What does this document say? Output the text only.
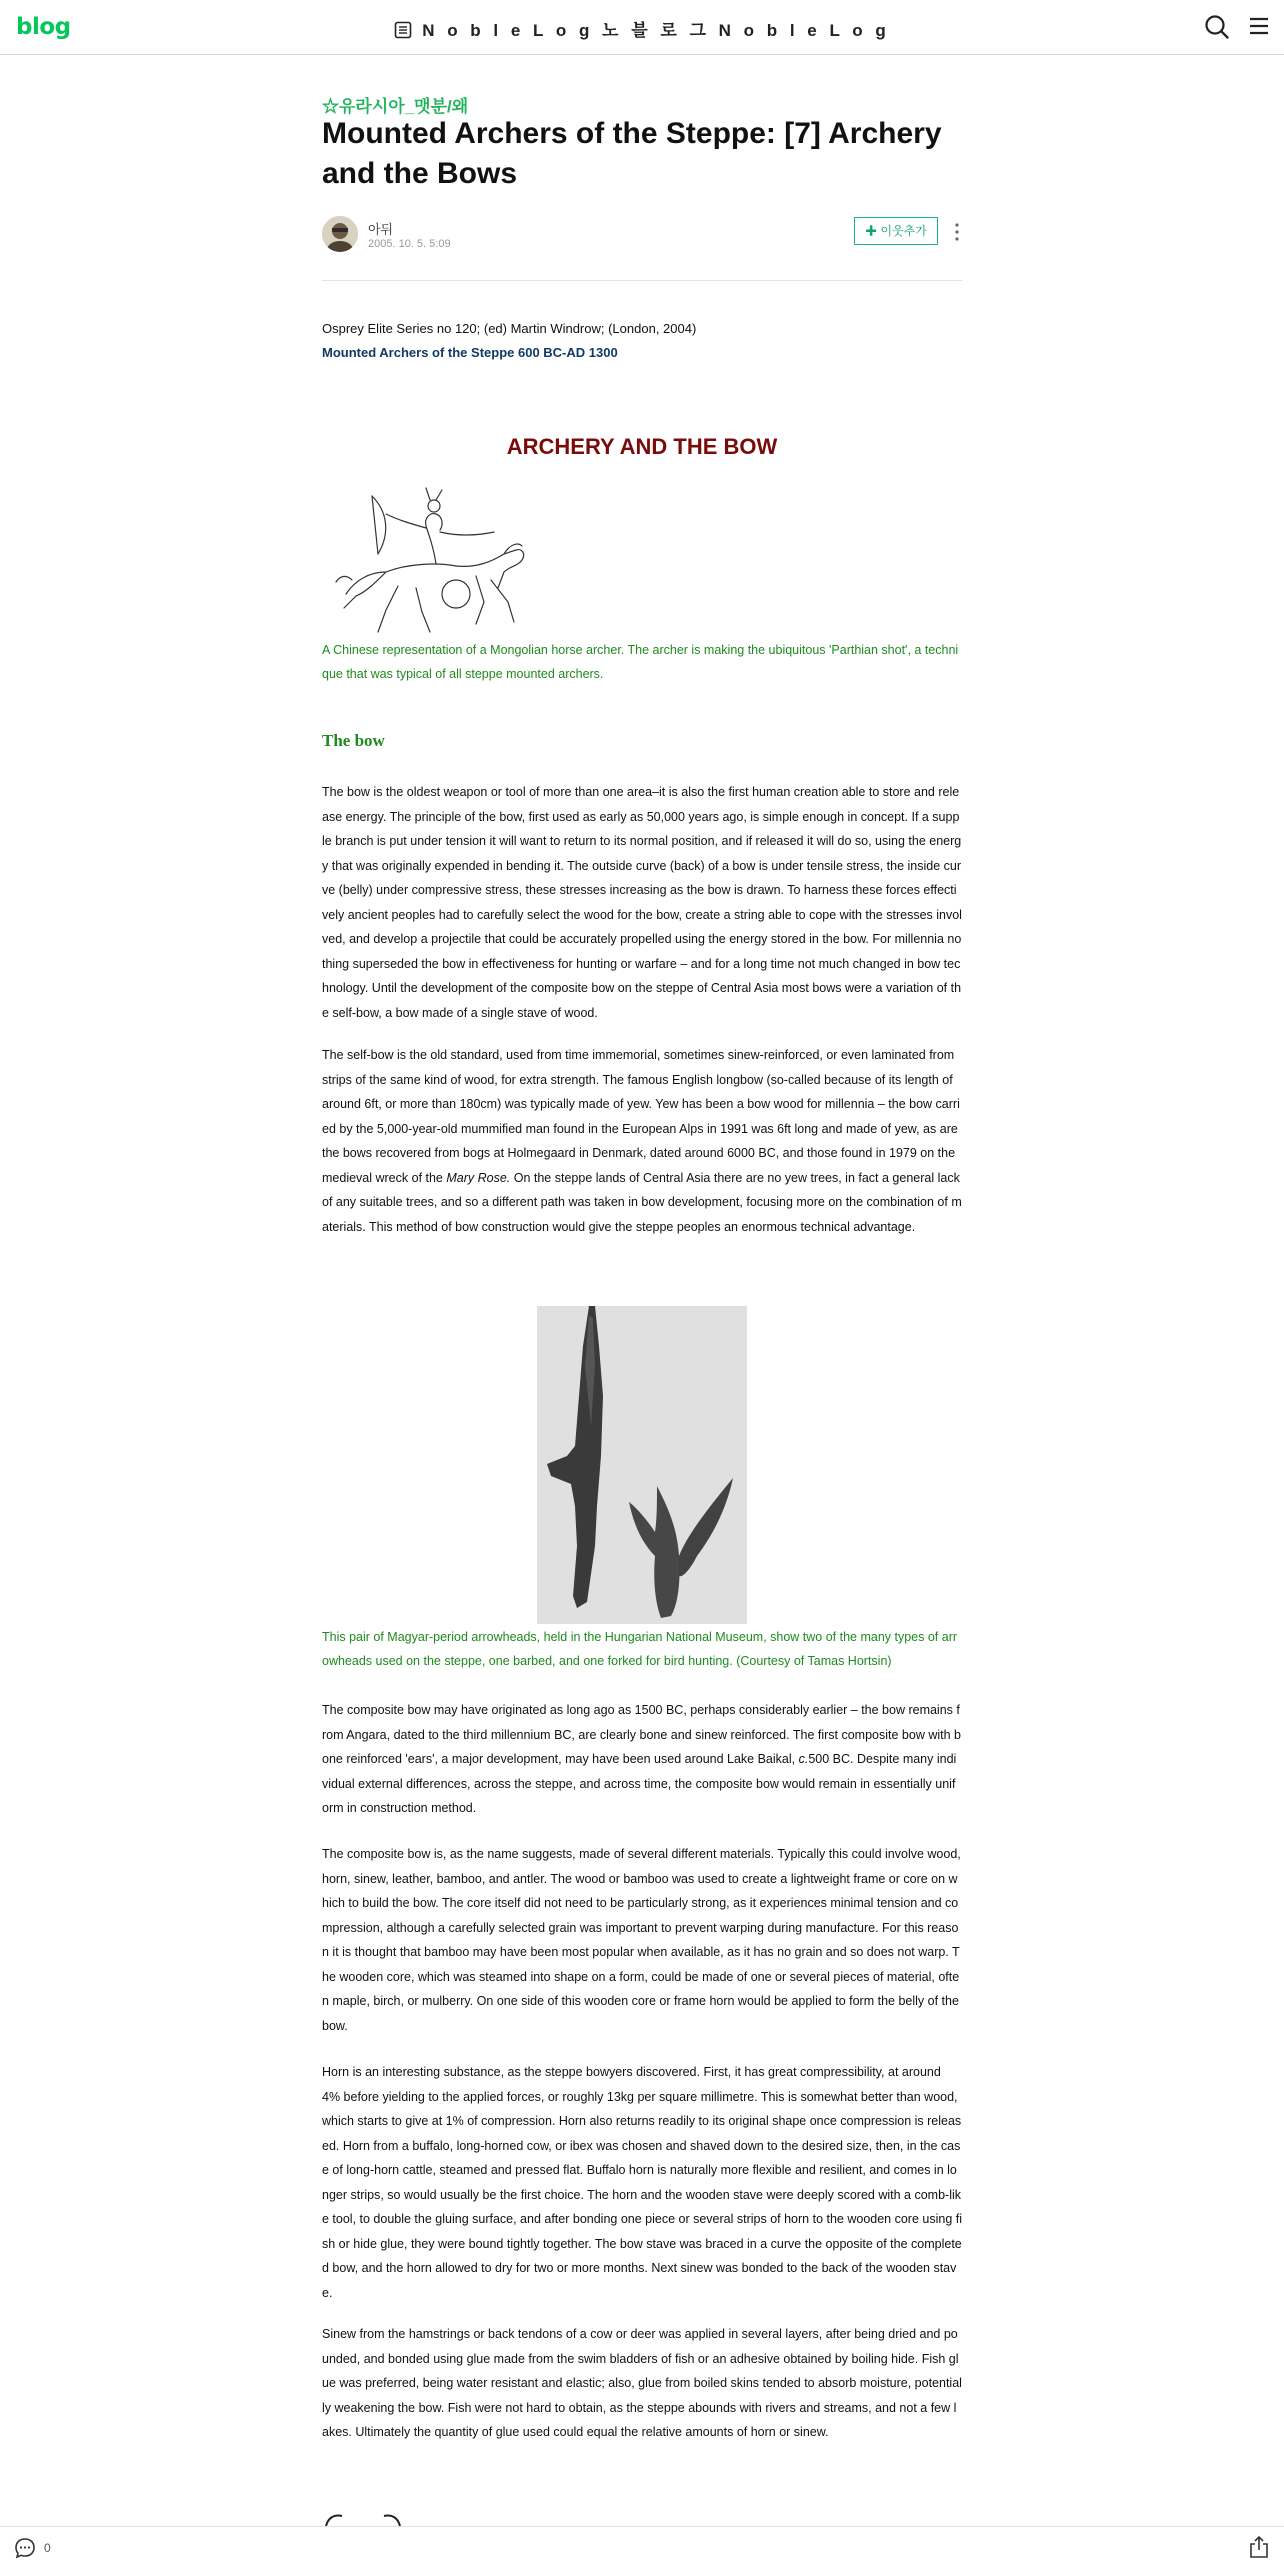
blog	N o b l e L o g 노 블 로 그 N o b l e L o g
☆유라시아_맷분/왜
Mounted Archers of the Steppe: [7] Archery and the Bows
아뒤
2005. 10. 5. 5:09
✚ 이웃추가
Osprey Elite Series no 120; (ed) Martin Windrow; (London, 2004)
Mounted Archers of the Steppe 600 BC-AD 1300
ARCHERY AND THE BOW
A Chinese representation of a Mongolian horse archer. The archer is making the ubiquitous 'Parthian shot', a technique that was typical of all steppe mounted archers.
The bow

The bow is the oldest weapon or tool of more than one area–it is also the first human creation able to store and release energy. The principle of the bow, first used as early as 50,000 years ago, is simple enough in concept. If a supple branch is put under tension it will want to return to its normal position, and if released it will do so, using the energy that was originally expended in bending it. The outside curve (back) of a bow is under tensile stress, the inside curve (belly) under compressive stress, these stresses increasing as the bow is drawn. To harness these forces effectively ancient peoples had to carefully select the wood for the bow, create a string able to cope with the stresses involved, and develop a projectile that could be accurately propelled using the energy stored in the bow. For millennia nothing superseded the bow in effectiveness for hunting or warfare – and for a long time not much changed in bow technology. Until the development of the composite bow on the steppe of Central Asia most bows were a variation of the self-bow, a bow made of a single stave of wood.

The self-bow is the old standard, used from time immemorial, sometimes sinew-reinforced, or even laminated from strips of the same kind of wood, for extra strength. The famous English longbow (so-called because of its length of around 6ft, or more than 180cm) was typically made of yew. Yew has been a bow wood for millennia – the bow carried by the 5,000-year-old mummified man found in the European Alps in 1991 was 6ft long and made of yew, as are the bows recovered from bogs at Holmegaard in Denmark, dated around 6000 BC, and those found in 1979 on the medieval wreck of the Mary Rose. On the steppe lands of Central Asia there are no yew trees, in fact a general lack of any suitable trees, and so a different path was taken in bow development, focusing more on the combination of materials. This method of bow construction would give the steppe peoples an enormous technical advantage.

This pair of Magyar-period arrowheads, held in the Hungarian National Museum, show two of the many types of arrowheads used on the steppe, one barbed, and one forked for bird hunting. (Courtesy of Tamas Hortsin)

The composite bow may have originated as long ago as 1500 BC, perhaps considerably earlier – the bow remains from Angara, dated to the third millennium BC, are clearly bone and sinew reinforced. The first composite bow with bone reinforced 'ears', a major development, may have been used around Lake Baikal, c.500 BC. Despite many individual external differences, across the steppe, and across time, the composite bow would remain in essentially uniform in construction method.

The composite bow is, as the name suggests, made of several different materials. Typically this could involve wood, horn, sinew, leather, bamboo, and antler. The wood or bamboo was used to create a lightweight frame or core on which to build the bow. The core itself did not need to be particularly strong, as it experiences minimal tension and compression, although a carefully selected grain was important to prevent warping during manufacture. For this reason it is thought that bamboo may have been most popular when available, as it has no grain and so does not warp. The wooden core, which was steamed into shape on a form, could be made of one or several pieces of material, often maple, birch, or mulberry. On one side of this wooden core or frame horn would be applied to form the belly of the bow.

Horn is an interesting substance, as the steppe bowyers discovered. First, it has great compressibility, at around 4% before yielding to the applied forces, or roughly 13kg per square millimetre. This is somewhat better than wood, which starts to give at 1% of compression. Horn also returns readily to its original shape once compression is released. Horn from a buffalo, long-horned cow, or ibex was chosen and shaved down to the desired size, then, in the case of long-horn cattle, steamed and pressed flat. Buffalo horn is naturally more flexible and resilient, and comes in longer strips, so would usually be the first choice. The horn and the wooden stave were deeply scored with a comb-like tool, to double the gluing surface, and after bonding one piece or several strips of horn to the wooden core using fish or hide glue, they were bound tightly together. The bow stave was braced in a curve the opposite of the completed bow, and the horn allowed to dry for two or more months. Next sinew was bonded to the back of the wooden stave.

Sinew from the hamstrings or back tendons of a cow or deer was applied in several layers, after being dried and pounded, and bonded using glue made from the swim bladders of fish or an adhesive obtained by boiling hide. Fish glue was preferred, being water resistant and elastic; also, glue from boiled skins tended to absorb moisture, potentially weakening the bow. Fish were not hard to obtain, as the steppe abounds with rivers and streams, and not a few lakes. Ultimately the quantity of glue used could equal the relative amounts of horn or sinew.

0
